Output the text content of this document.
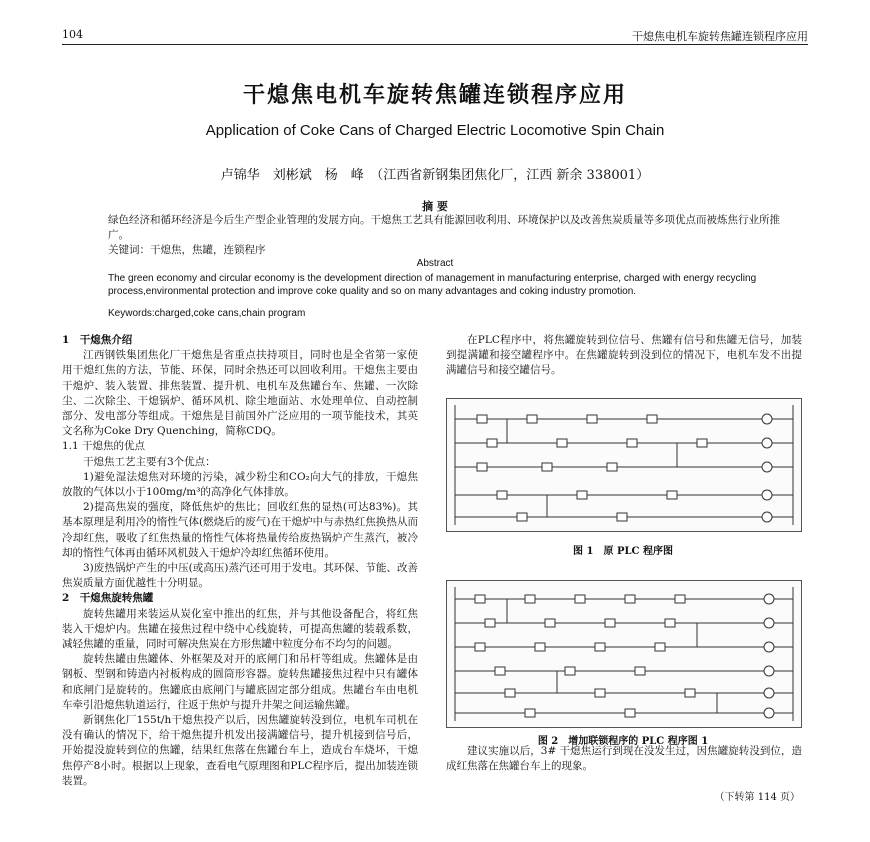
104	干熄焦电机车旋转焦罐连锁程序应用
干熄焦电机车旋转焦罐连锁程序应用
Application of Coke Cans of Charged Electric Locomotive Spin Chain
卢锦华　刘彬斌　杨　峰　（江西省新钢集团焦化厂，江西 新余 338001）
摘 要
绿色经济和循环经济是今后生产型企业管理的发展方向。干熄焦工艺具有能源回收利用、环境保护以及改善焦炭质量等多项优点而被炼焦行业所推广。
关键词：干熄焦，焦罐，连锁程序
Abstract
The green economy and circular economy is the development direction of management in manufacturing enterprise, charged with energy recycling process,environmental protection and improve coke quality and so on many advantages and coking industry promotion.
Keywords:charged,coke cans,chain program

1　干熄焦介绍

江西钢铁集团焦化厂干熄焦是省重点扶持项目，同时也是全省第一家使用干熄红焦的方法，节能、环保，同时余热还可以回收利用。干熄焦主要由干熄炉、装入装置、排焦装置、提升机、电机车及焦罐台车、焦罐、一次除尘、二次除尘、干熄锅炉、循环风机、除尘地面站、水处理单位、自动控制部分、发电部分等组成。干熄焦是目前国外广泛应用的一项节能技术，其英文名称为Coke Dry Quenching，简称CDQ。

1.1 干熄焦的优点

干熄焦工艺主要有3个优点：

1)避免湿法熄焦对环境的污染，减少粉尘和CO₂向大气的排放，干熄焦放散的气体以小于100mg/m³的高净化气体排放。

2)提高焦炭的强度，降低焦炉的焦比；回收红焦的显热(可达83%)。其基本原理是利用冷的惰性气体(燃烧后的废气)在干熄炉中与赤热红焦换热从而冷却红焦，吸收了红焦热量的惰性气体将热量传给废热锅炉产生蒸汽，被冷却的惰性气体再由循环风机鼓入干熄炉冷却红焦循环使用。

3)废热锅炉产生的中压(或高压)蒸汽还可用于发电。其环保、节能、改善焦炭质量方面优越性十分明显。

2　干熄焦旋转焦罐

旋转焦罐用来装运从炭化室中推出的红焦，并与其他设备配合，将红焦装入干熄炉内。焦罐在接焦过程中绕中心线旋转，可提高焦罐的装载系数，减轻焦罐的重量，同时可解决焦炭在方形焦罐中粒度分布不均匀的问题。

旋转焦罐由焦罐体、外框架及对开的底闸门和吊杆等组成。焦罐体是由钢板、型钢和铸造内衬板构成的圆筒形容器。旋转焦罐接焦过程中只有罐体和底闸门是旋转的。焦罐底由底闸门与罐底固定部分组成。焦罐台车由电机车牵引沿熄焦轨道运行，往返于焦炉与提升井架之间运输焦罐。

新钢焦化厂155t/h干熄焦投产以后，因焦罐旋转没到位，电机车司机在没有确认的情况下，给干熄焦提升机发出接满罐信号，提升机接到信号后，开始提没旋转到位的焦罐，结果红焦落在焦罐台车上，造成台车烧坏，干熄焦停产8小时。根据以上现象，查看电气原理图和PLC程序后，提出加装连锁装置。

在PLC程序中，将焦罐旋转到位信号、焦罐有信号和焦罐无信号，加装到提满罐和接空罐程序中。在焦罐旋转到没到位的情况下，电机车发不出提满罐信号和接空罐信号。

图 1　原 PLC 程序图
图 2　增加联锁程序的 PLC 程序图 1

建议实施以后，3# 干熄焦运行到现在没发生过，因焦罐旋转没到位，造成红焦落在焦罐台车上的现象。

（下转第 114 页）
